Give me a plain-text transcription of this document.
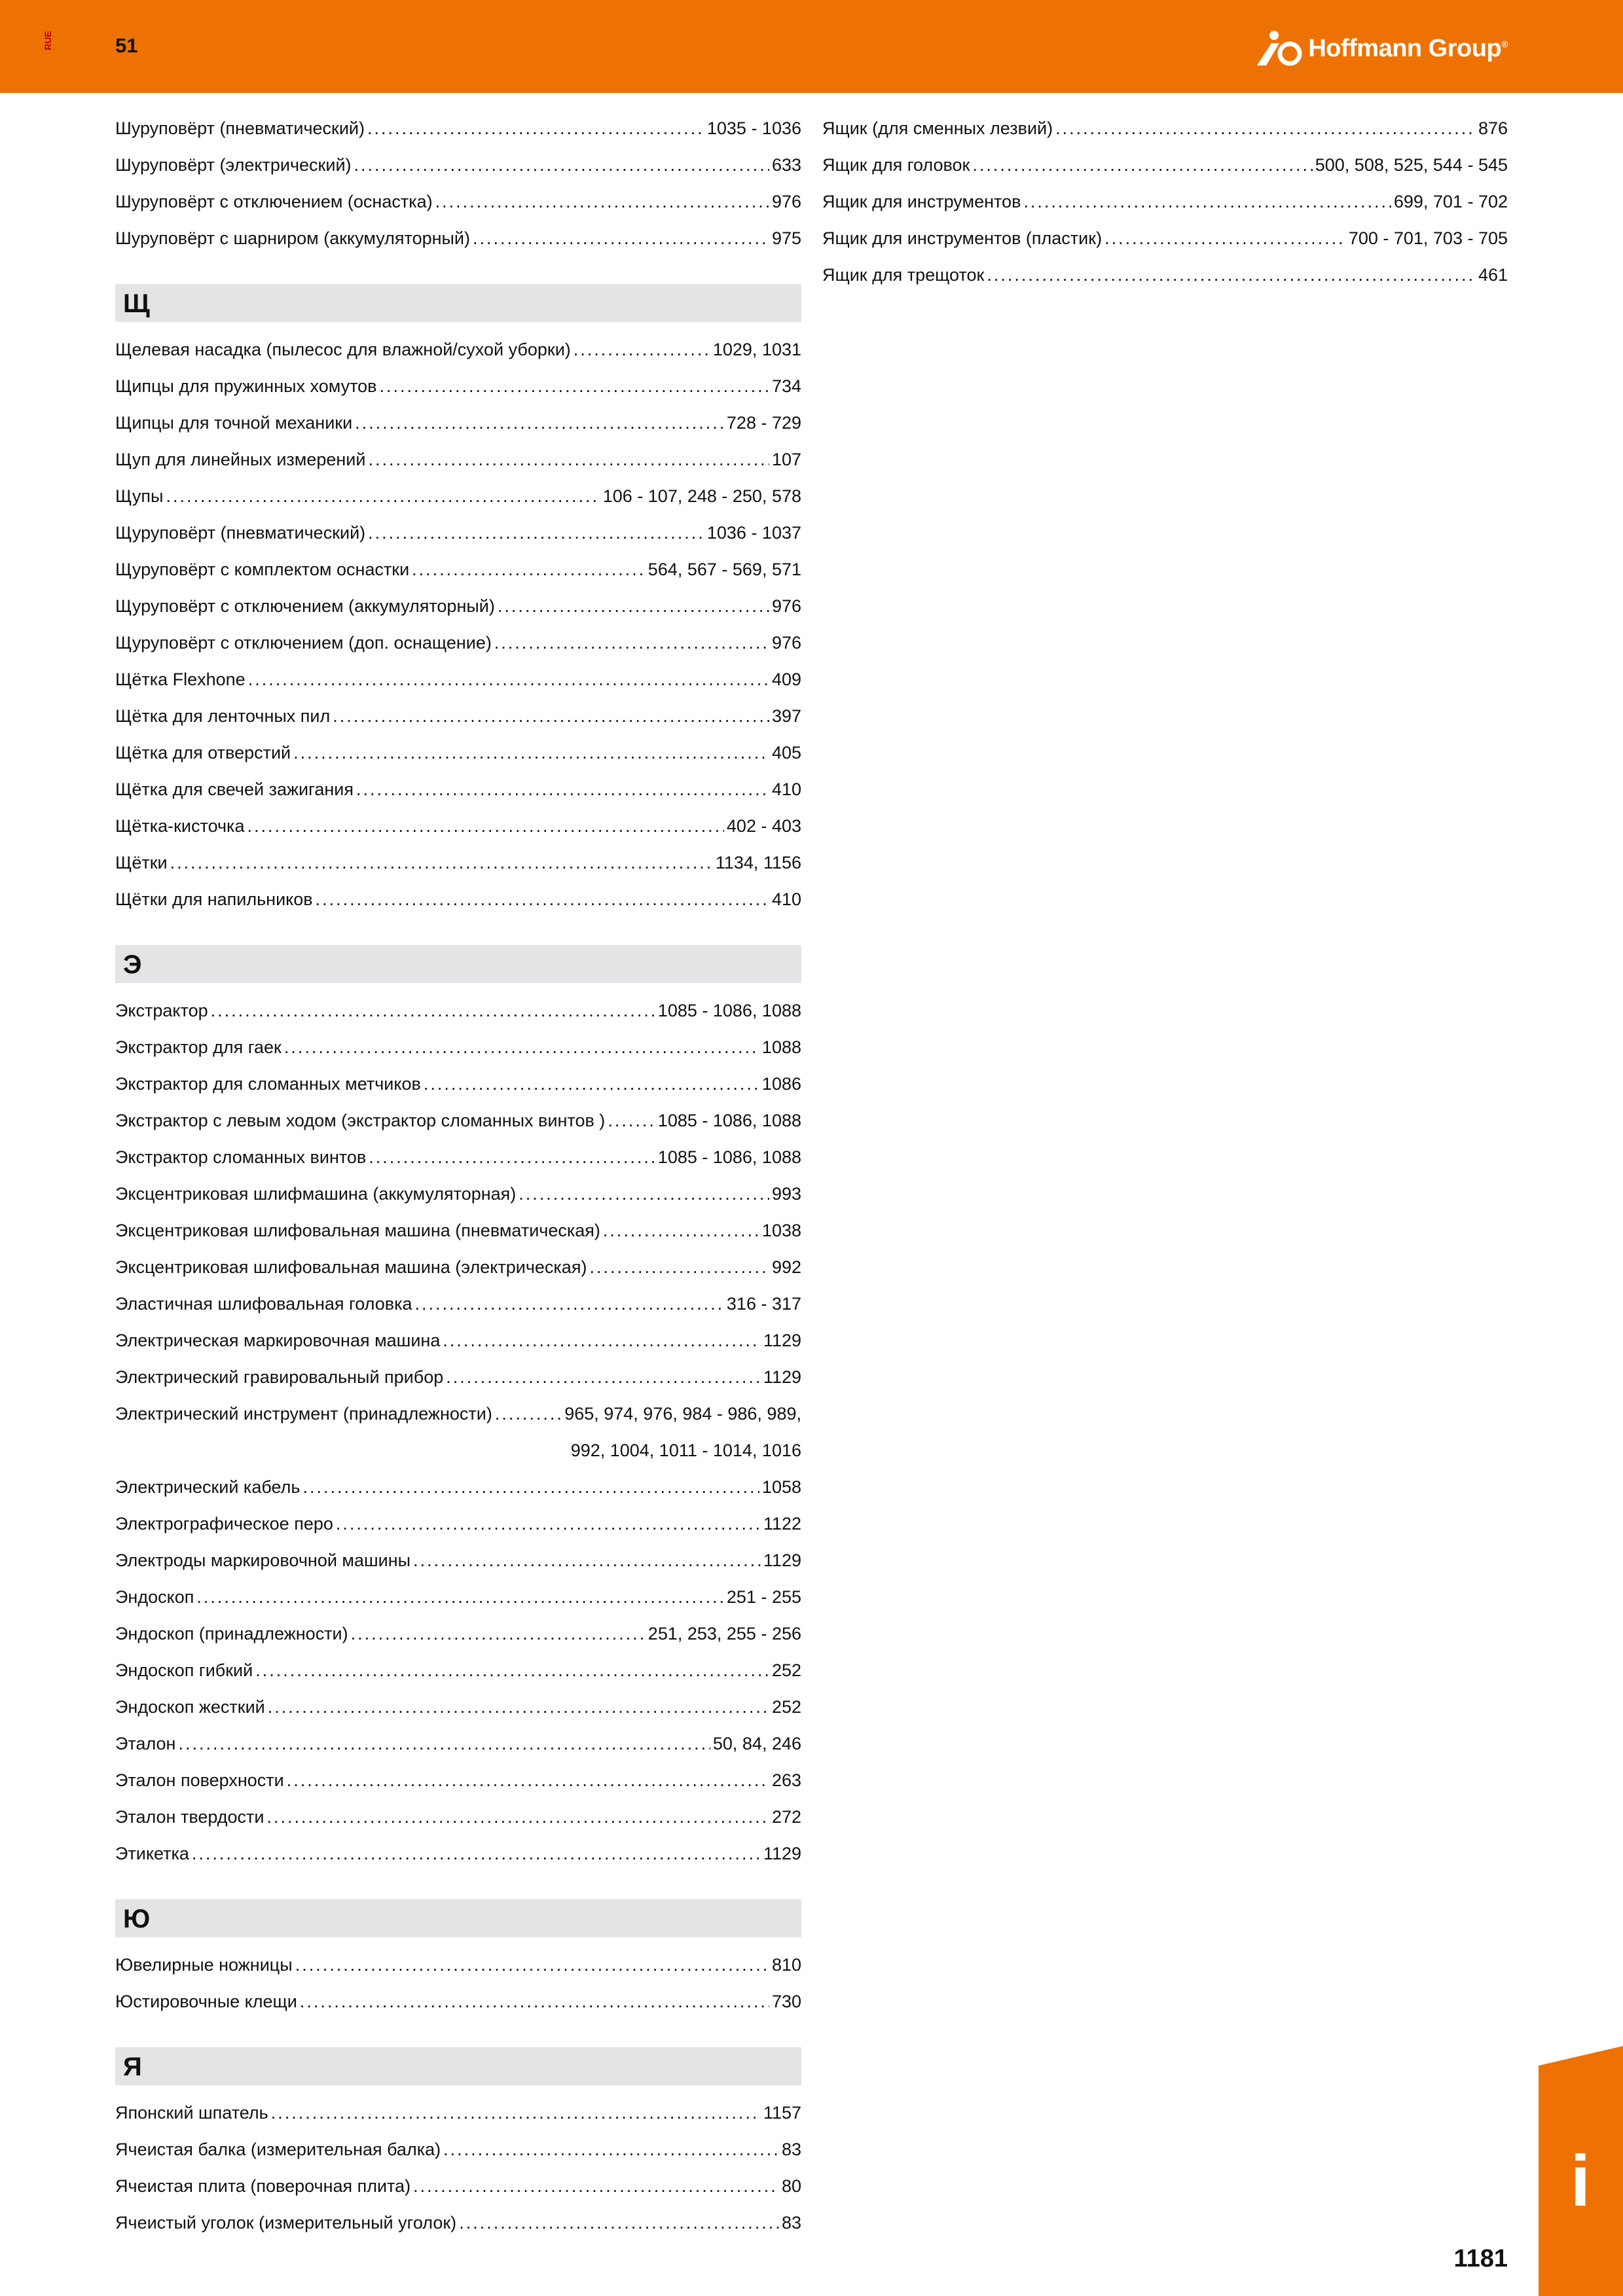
RUE	51	Hoffmann Group®
Шуруповёрт (пневматический) .....	1035 - 1036
Шуруповёрт (электрический) .....	633
Шуруповёрт с отключением (оснастка) .....	976
Шуруповёрт с шарниром (аккумуляторный) .....	975
Щ
Щелевая насадка (пылесос для влажной/сухой уборки) .....	1029, 1031
Щипцы для пружинных хомутов .....	734
Щипцы для точной механики .....	728 - 729
Щуп для линейных измерений .....	107
Щупы .....	106 - 107, 248 - 250, 578
Щуруповёрт (пневматический) .....	1036 - 1037
Щуруповёрт с комплектом оснастки .....	564, 567 - 569, 571
Щуруповёрт с отключением (аккумуляторный) .....	976
Щуруповёрт с отключением (доп. оснащение) .....	976
Щётка Flexhone .....	409
Щётка для ленточных пил .....	397
Щётка для отверстий .....	405
Щётка для свечей зажигания .....	410
Щётка-кисточка .....	402 - 403
Щётки .....	1134, 1156
Щётки для напильников .....	410
Э
Экстрактор .....	1085 - 1086, 1088
Экстрактор для гаек .....	1088
Экстрактор для сломанных метчиков .....	1086
Экстрактор с левым ходом (экстрактор сломанных винтов ) .....	1085 - 1086, 1088
Экстрактор сломанных винтов .....	1085 - 1086, 1088
Эксцентриковая шлифмашина (аккумуляторная) .....	993
Эксцентриковая шлифовальная машина (пневматическая) .....	1038
Эксцентриковая шлифовальная машина (электрическая) .....	992
Эластичная шлифовальная головка .....	316 - 317
Электрическая маркировочная машина .....	1129
Электрический гравировальный прибор .....	1129
Электрический инструмент (принадлежности) .....	965, 974, 976, 984 - 986, 989,
992, 1004, 1011 - 1014, 1016
Электрический кабель .....	1058
Электрографическое перо .....	1122
Электроды маркировочной машины .....	1129
Эндоскоп .....	251 - 255
Эндоскоп (принадлежности) .....	251, 253, 255 - 256
Эндоскоп гибкий .....	252
Эндоскоп жесткий .....	252
Эталон .....	50, 84, 246
Эталон поверхности .....	263
Эталон твердости .....	272
Этикетка .....	1129
Ю
Ювелирные ножницы .....	810
Юстировочные клещи .....	730
Я
Японский шпатель .....	1157
Ячеистая балка (измерительная балка) .....	83
Ячеистая плита (поверочная плита) .....	80
Ячеистый уголок (измерительный уголок) .....	83
Ящик (для сменных лезвий) .....	876
Ящик для головок .....	500, 508, 525, 544 - 545
Ящик для инструментов .....	699, 701 - 702
Ящик для инструментов (пластик) .....	700 - 701, 703 - 705
Ящик для трещоток .....	461
i
1181
